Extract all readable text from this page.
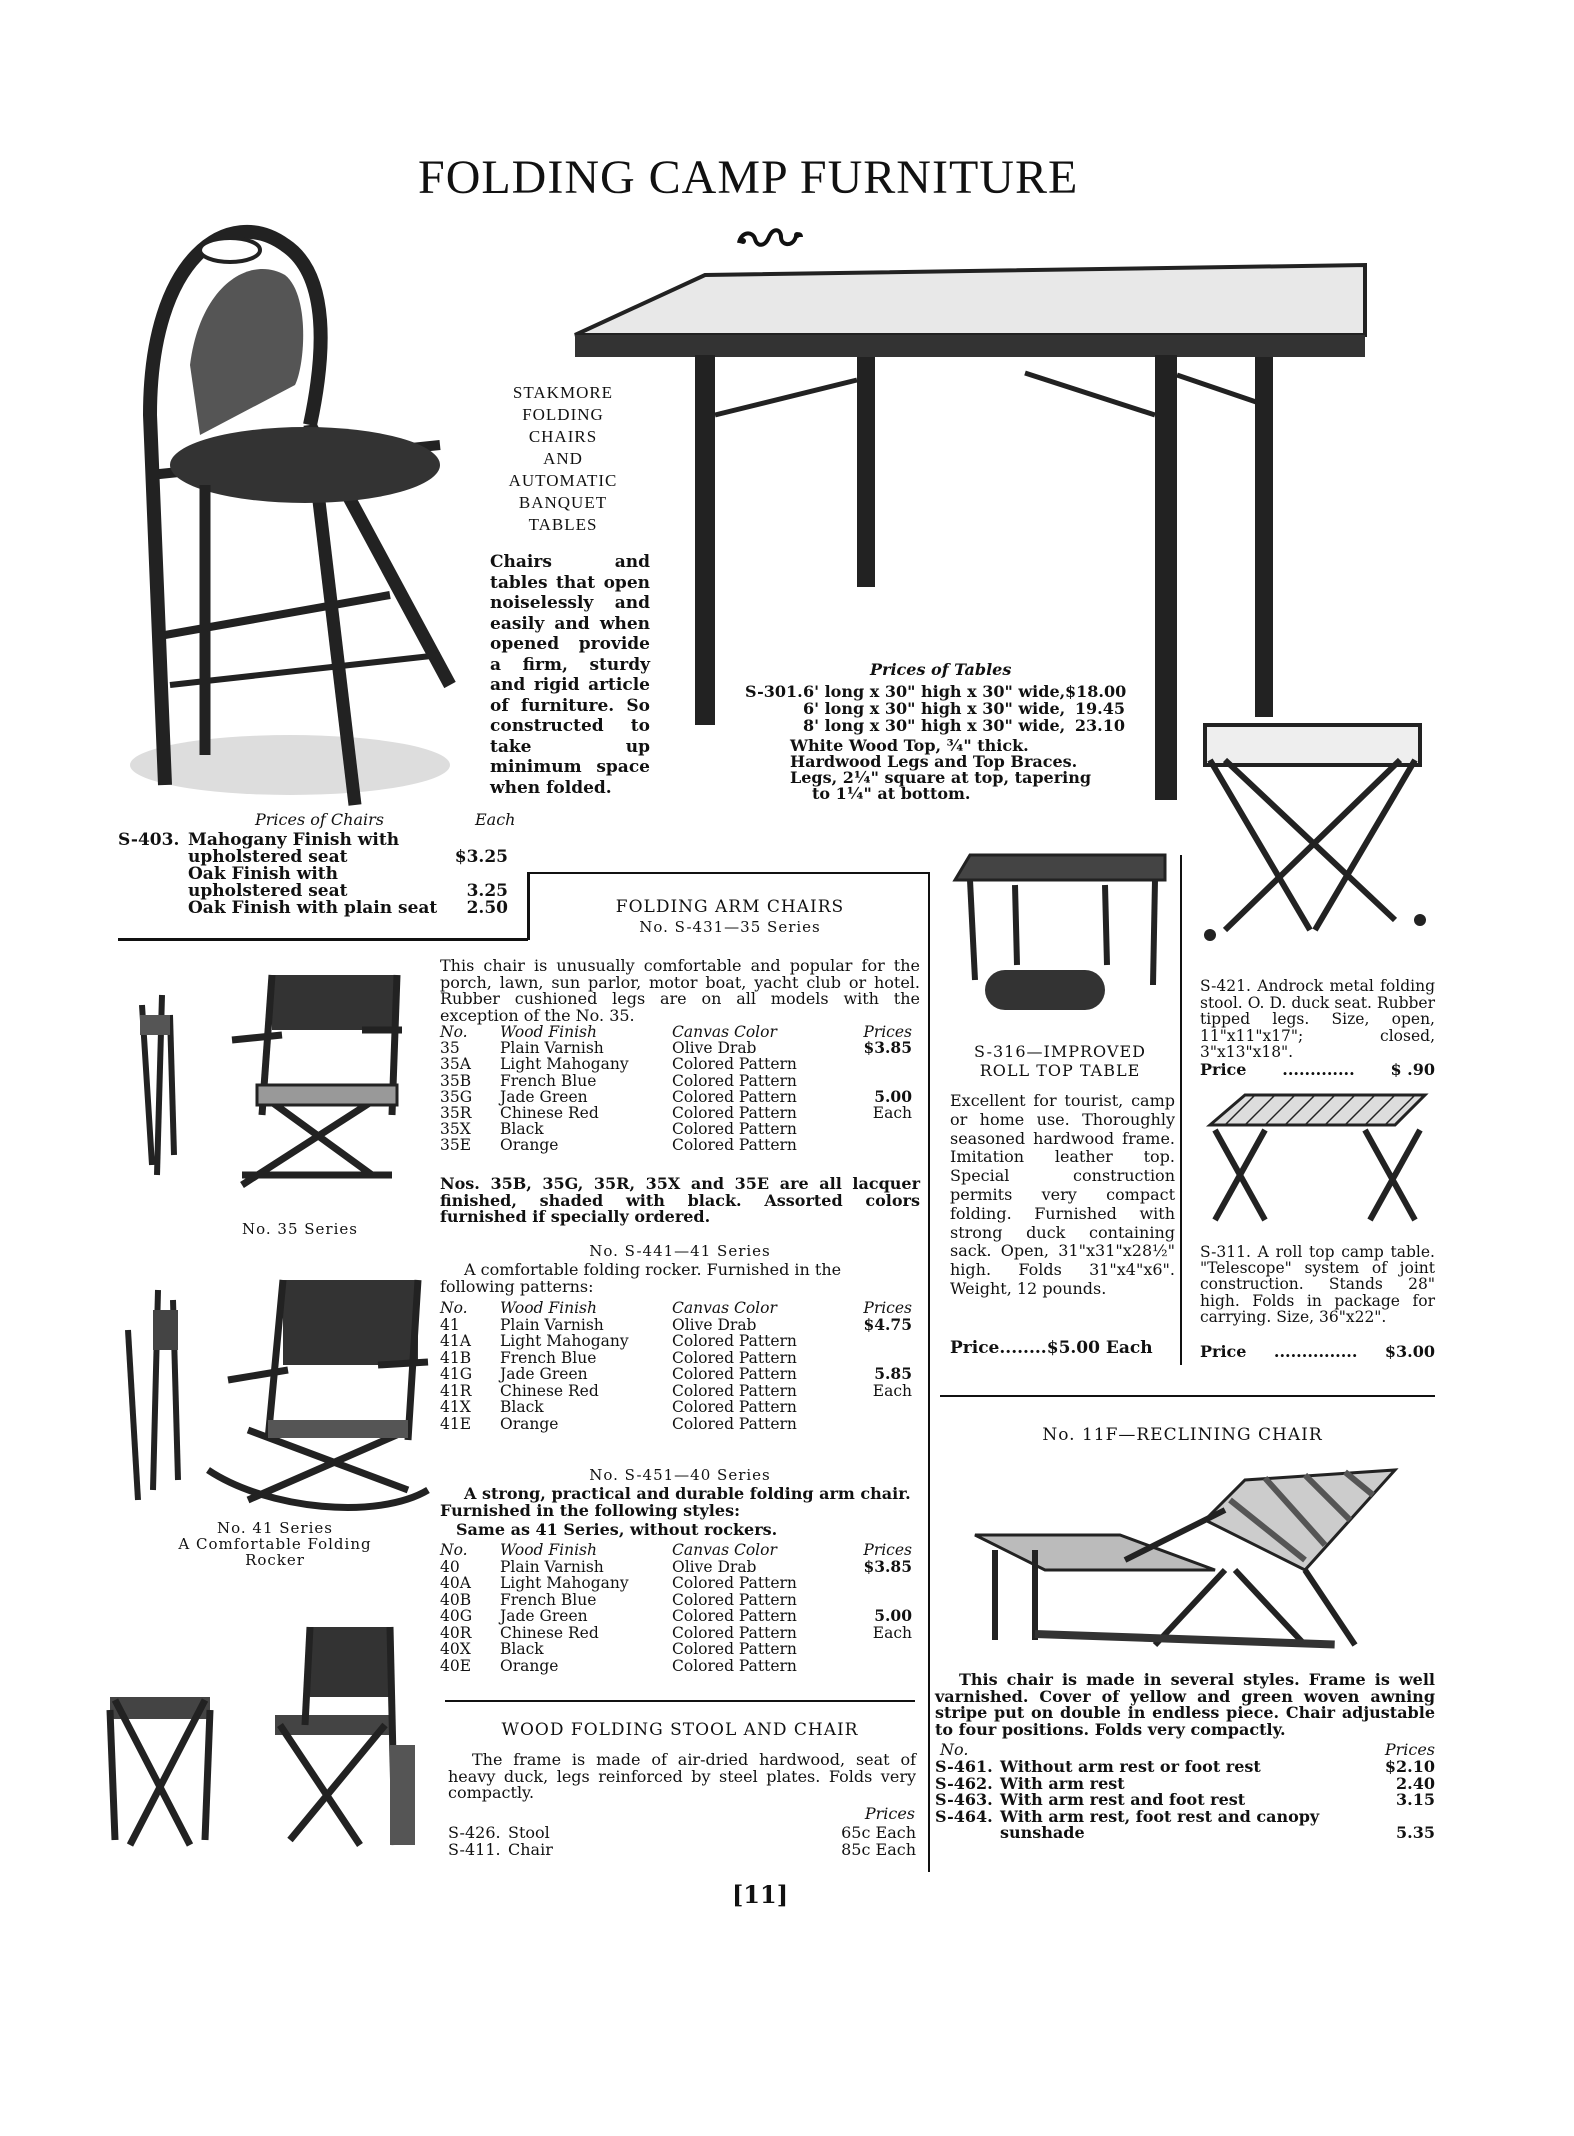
FOLDING CAMP FURNITURE
STAKMORE
FOLDING
CHAIRS
AND
AUTOMATIC
BANQUET
TABLES
Chairs and tables that open noiselessly and easily and when opened provide a firm, sturdy and rigid article of furniture. So constructed to take up minimum space when folded.
Prices of Chairs	Each
S-403. Mahogany Finish with upholstered seat	$3.25
Oak Finish with upholstered seat	3.25
Oak Finish with plain seat	2.50
Prices of Tables
S-301. 6' long x 30" high x 30" wide, $18.00
6' long x 30" high x 30" wide, 19.45
8' long x 30" high x 30" wide, 23.10
White Wood Top, ¾" thick.
Hardwood Legs and Top Braces.
Legs, 2¼" square at top, tapering
to 1¼" at bottom.
FOLDING ARM CHAIRS
No. S-431—35 Series
This chair is unusually comfortable and popular for the porch, lawn, sun parlor, motor boat, yacht club or hotel. Rubber cushioned legs are on all models with the exception of the No. 35.
No.	Wood Finish	Canvas Color	Prices
35	Plain Varnish	Olive Drab	$3.85
35A	Light Mahogany	Colored Pattern
35B	French Blue	Colored Pattern
35G	Jade Green	Colored Pattern	5.00
35R	Chinese Red	Colored Pattern	Each
35X	Black	Colored Pattern
35E	Orange	Colored Pattern
Nos. 35B, 35G, 35R, 35X and 35E are all lacquer finished, shaded with black. Assorted colors furnished if specially ordered.
No. S-441—41 Series
A comfortable folding rocker. Furnished in the following patterns:
No.	Wood Finish	Canvas Color	Prices
41	Plain Varnish	Olive Drab	$4.75
41A	Light Mahogany	Colored Pattern
41B	French Blue	Colored Pattern
41G	Jade Green	Colored Pattern	5.85
41R	Chinese Red	Colored Pattern	Each
41X	Black	Colored Pattern
41E	Orange	Colored Pattern
No. S-451—40 Series
A strong, practical and durable folding arm chair. Furnished in the following styles:
Same as 41 Series, without rockers.
No.	Wood Finish	Canvas Color	Prices
40	Plain Varnish	Olive Drab	$3.85
40A	Light Mahogany	Colored Pattern
40B	French Blue	Colored Pattern
40G	Jade Green	Colored Pattern	5.00
40R	Chinese Red	Colored Pattern	Each
40X	Black	Colored Pattern
40E	Orange	Colored Pattern
WOOD FOLDING STOOL AND CHAIR
The frame is made of air-dried hardwood, seat of heavy duck, legs reinforced by steel plates. Folds very compactly.
Prices
S-426. Stool	65c Each
S-411. Chair	85c Each
No. 35 Series
No. 41 Series
A Comfortable Folding
Rocker
S-316—IMPROVED
ROLL TOP TABLE
Excellent for tourist, camp or home use. Thoroughly seasoned hardwood frame. Imitation leather top. Special construction permits very compact folding. Furnished with strong duck containing sack. Open, 31"x31"x28½" high. Folds 31"x4"x6". Weight, 12 pounds.
Price........$5.00 Each
S-421. Androck metal folding stool. O. D. duck seat. Rubber tipped legs. Size, open, 11"x11"x17"; closed, 3"x13"x18".
Price ............. $ .90
S-311. A roll top camp table. "Telescope" system of joint construction. Stands 28" high. Folds in package for carrying. Size, 36"x22".
Price ............... $3.00
No. 11F—RECLINING CHAIR
This chair is made in several styles. Frame is well varnished. Cover of yellow and green woven awning stripe put on double in endless piece. Chair adjustable to four positions. Folds very compactly.
No.	Prices
S-461. Without arm rest or foot rest	$2.10
S-462. With arm rest	2.40
S-463. With arm rest and foot rest	3.15
S-464. With arm rest, foot rest and canopy sunshade	5.35
[11]
